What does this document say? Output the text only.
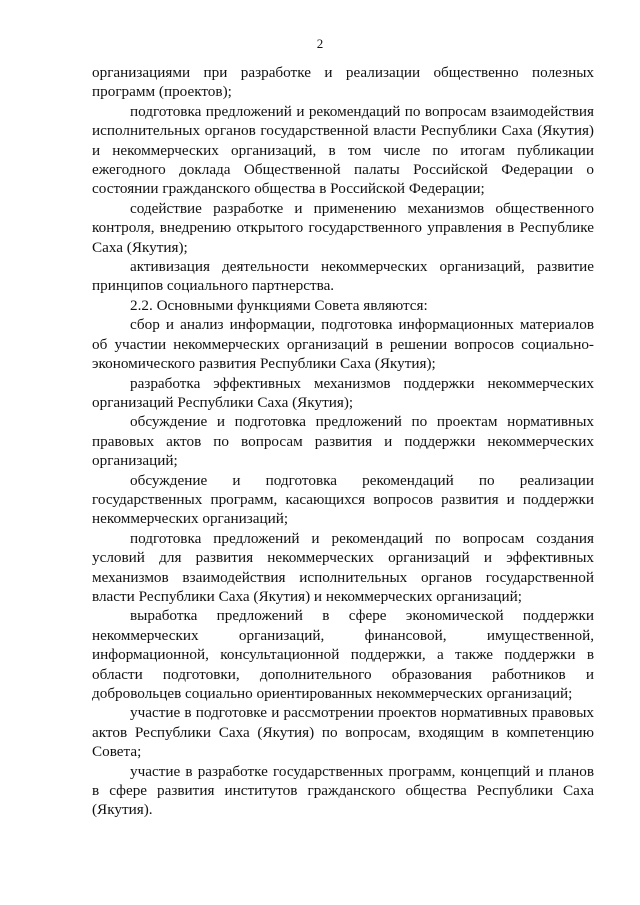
2

организациями при разработке и реализации общественно полезных программ (проектов);

подготовка предложений и рекомендаций по вопросам взаимодействия исполнительных органов государственной власти Республики Саха (Якутия) и некоммерческих организаций, в том числе по итогам публикации ежегодного доклада Общественной палаты Российской Федерации о состоянии гражданского общества в Российской Федерации;

содействие разработке и применению механизмов общественного контроля, внедрению открытого государственного управления в Республике Саха (Якутия);

активизация деятельности некоммерческих организаций, развитие принципов социального партнерства.

2.2. Основными функциями Совета являются:

сбор и анализ информации, подготовка информационных материалов об участии некоммерческих организаций в решении вопросов социально-экономического развития Республики Саха (Якутия);

разработка эффективных механизмов поддержки некоммерческих организаций Республики Саха (Якутия);

обсуждение и подготовка предложений по проектам нормативных правовых актов по вопросам развития и поддержки некоммерческих организаций;

обсуждение и подготовка рекомендаций по реализации государственных программ, касающихся вопросов развития и поддержки некоммерческих организаций;

подготовка предложений и рекомендаций по вопросам создания условий для развития некоммерческих организаций и эффективных механизмов взаимодействия исполнительных органов государственной власти Республики Саха (Якутия) и некоммерческих организаций;

выработка предложений в сфере экономической поддержки некоммерческих организаций, финансовой, имущественной, информационной, консультационной поддержки, а также поддержки в области подготовки, дополнительного образования работников и добровольцев социально ориентированных некоммерческих организаций;

участие в подготовке и рассмотрении проектов нормативных правовых актов Республики Саха (Якутия) по вопросам, входящим в компетенцию Совета;

участие в разработке государственных программ, концепций и планов в сфере развития институтов гражданского общества Республики Саха (Якутия).
